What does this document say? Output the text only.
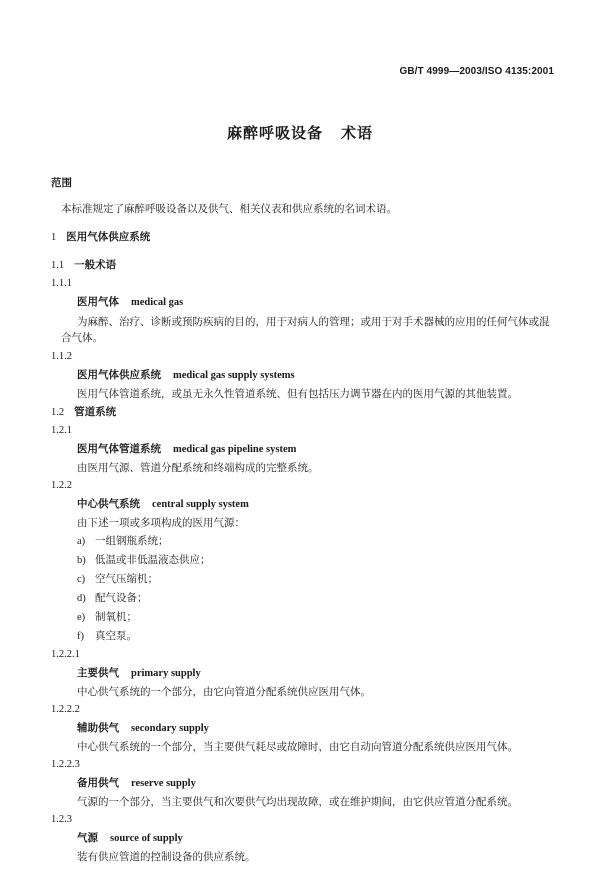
GB/T 4999—2003/ISO 4135:2001
麻醉呼吸设备 术语

范围

本标准规定了麻醉呼吸设备以及供气、相关仪表和供应系统的名词术语。

1 医用气体供应系统

1.1 一般术语

1.1.1

医用气体 medical gas

为麻醉、治疗、诊断或预防疾病的目的，用于对病人的管理；或用于对手术器械的应用的任何气体或混合气体。

1.1.2

医用气体供应系统 medical gas supply systems

医用气体管道系统，或虽无永久性管道系统、但有包括压力调节器在内的医用气源的其他装置。

1.2 管道系统

1.2.1

医用气体管道系统 medical gas pipeline system

由医用气源、管道分配系统和终端构成的完整系统。

1.2.2

中心供气系统 central supply system

由下述一项或多项构成的医用气源：

a) 一组钢瓶系统；

b) 低温或非低温液态供应；

c) 空气压缩机；

d) 配气设备；

e) 制氧机；

f) 真空泵。

1.2.2.1

主要供气 primary supply

中心供气系统的一个部分，由它向管道分配系统供应医用气体。

1.2.2.2

辅助供气 secondary supply

中心供气系统的一个部分，当主要供气耗尽或故障时，由它自动向管道分配系统供应医用气体。

1.2.2.3

备用供气 reserve supply

气源的一个部分，当主要供气和次要供气均出现故障，或在维护期间，由它供应管道分配系统。

1.2.3

气源 source of supply

装有供应管道的控制设备的供应系统。
